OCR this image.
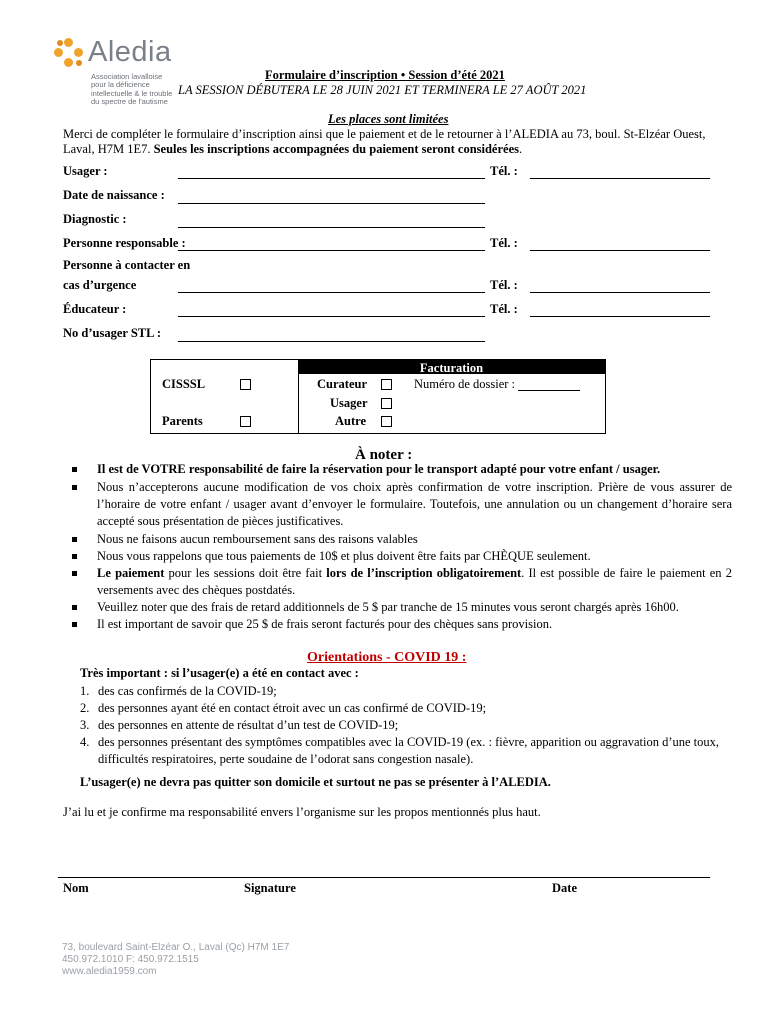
Aledia
Association lavalloise
pour la déficience
intellectuelle & le trouble
du spectre de l'autisme
Formulaire d’inscription • Session d’été 2021
LA SESSION DÉBUTERA LE 28 JUIN 2021 ET TERMINERA LE 27 AOÛT 2021
Les places sont limitées
Merci de compléter le formulaire d’inscription ainsi que le paiement et de le retourner à l’ALEDIA au 73, boul. St-Elzéar Ouest, Laval, H7M 1E7. Seules les inscriptions accompagnées du paiement seront considérées.
Usager :	Tél. :
Date de naissance :
Diagnostic :
Personne responsable :	Tél. :
Personne à contacter en
cas d’urgence	Tél. :
Éducateur :	Tél. :
No d’usager STL :
Facturation
CISSSL
Parents
Curateur
Usager
Autre
Numéro de dossier :
À noter :
Il est de VOTRE responsabilité de faire la réservation pour le transport adapté pour votre enfant / usager.
Nous n’accepterons aucune modification de vos choix après confirmation de votre inscription. Prière de vous assurer de l’horaire de votre enfant / usager avant d’envoyer le formulaire. Toutefois, une annulation ou un changement d’horaire sera accepté sous présentation de pièces justificatives.
Nous ne faisons aucun remboursement sans des raisons valables
Nous vous rappelons que tous paiements de 10$ et plus doivent être faits par CHÈQUE seulement.
Le paiement pour les sessions doit être fait lors de l’inscription obligatoirement. Il est possible de faire le paiement en 2 versements avec des chèques postdatés.
Veuillez noter que des frais de retard additionnels de 5 $ par tranche de 15 minutes vous seront chargés après 16h00.
Il est important de savoir que 25 $ de frais seront facturés pour des chèques sans provision.
Orientations - COVID 19 :
Très important : si l’usager(e) a été en contact avec :
1. des cas confirmés de la COVID-19;
2. des personnes ayant été en contact étroit avec un cas confirmé de COVID-19;
3. des personnes en attente de résultat d’un test de COVID-19;
4. des personnes présentant des symptômes compatibles avec la COVID-19 (ex. : fièvre, apparition ou aggravation d’une toux, difficultés respiratoires, perte soudaine de l’odorat sans congestion nasale).
L’usager(e) ne devra pas quitter son domicile et surtout ne pas se présenter à l’ALEDIA.
J’ai lu et je confirme ma responsabilité envers l’organisme sur les propos mentionnés plus haut.
Nom	Signature	Date
73, boulevard Saint-Elzéar O., Laval (Qc) H7M 1E7
450.972.1010 F: 450.972.1515
www.aledia1959.com
